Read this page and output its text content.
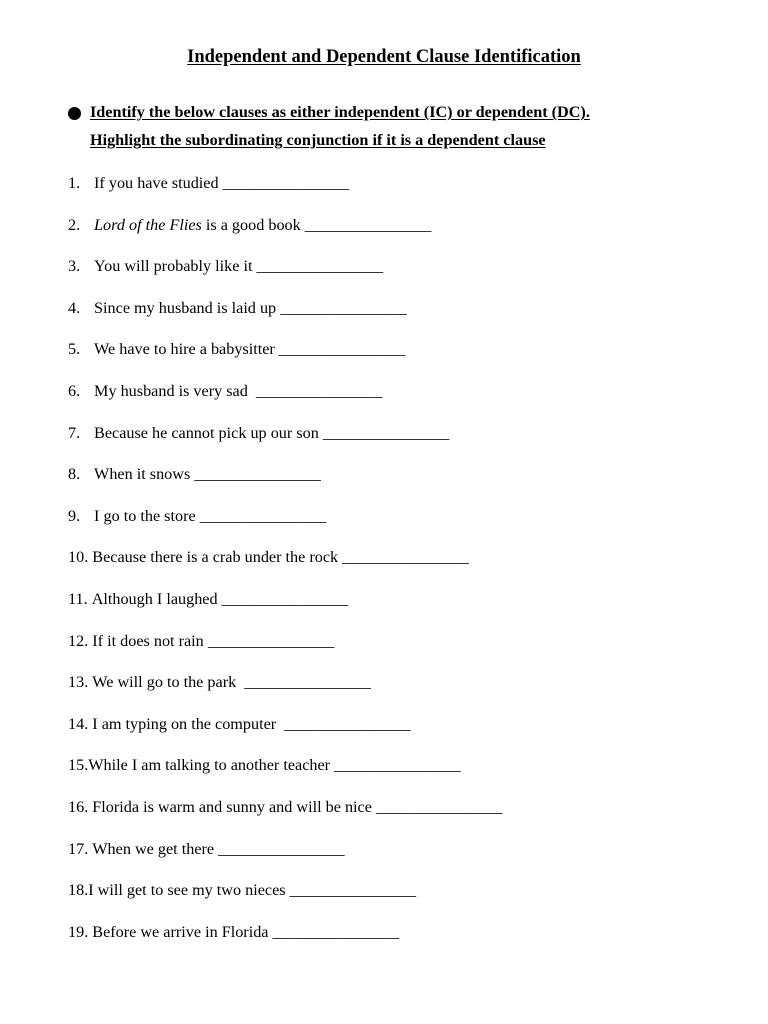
Independent and Dependent Clause Identification
Identify the below clauses as either independent (IC) or dependent (DC).
Highlight the subordinating conjunction if it is a dependent clause
1. If you have studied ________________
2. Lord of the Flies is a good book ________________
3. You will probably like it ________________
4. Since my husband is laid up ________________
5. We have to hire a babysitter ________________
6. My husband is very sad  ________________
7. Because he cannot pick up our son ________________
8. When it snows ________________
9. I go to the store ________________
10. Because there is a crab under the rock ________________
11. Although I laughed ________________
12. If it does not rain ________________
13. We will go to the park  ________________
14. I am typing on the computer  ________________
15.While I am talking to another teacher ________________
16. Florida is warm and sunny and will be nice ________________
17. When we get there ________________
18.I will get to see my two nieces ________________
19. Before we arrive in Florida ________________
